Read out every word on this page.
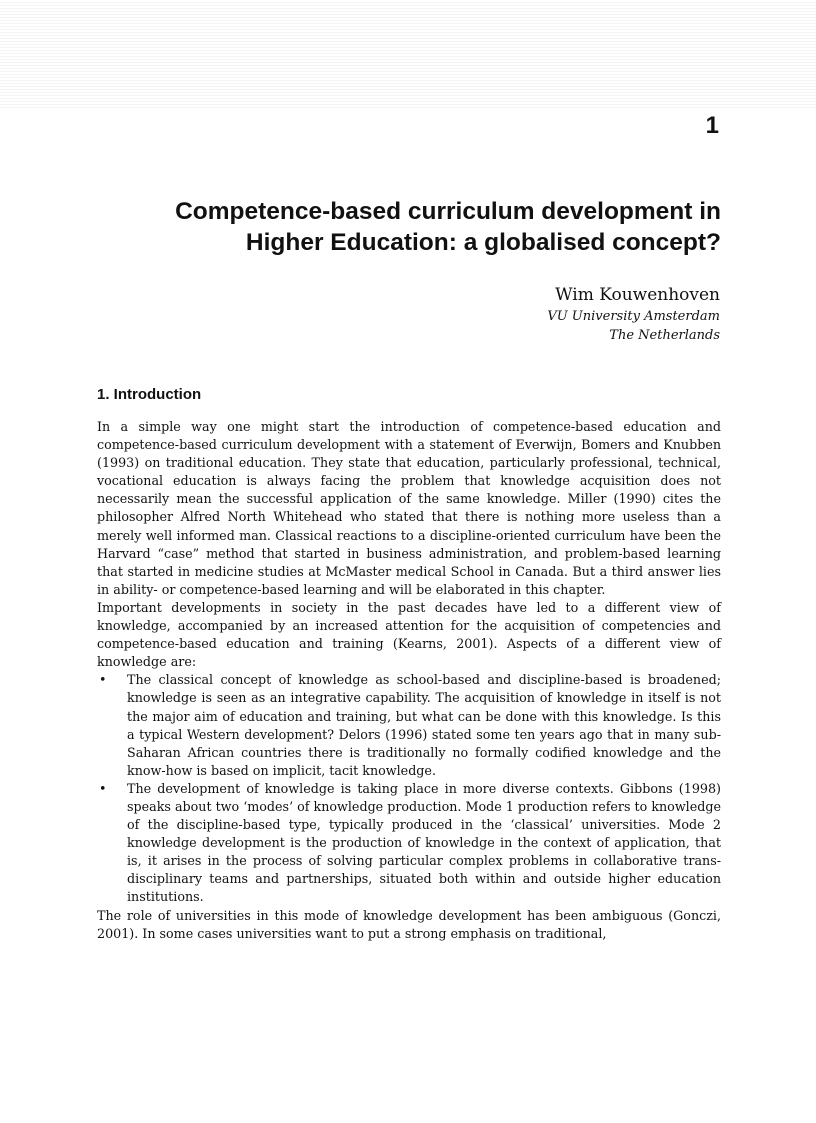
1
Competence-based curriculum development in
Higher Education: a globalised concept?
Wim Kouwenhoven
VU University Amsterdam
The Netherlands
1. Introduction

In a simple way one might start the introduction of competence-based education and competence-based curriculum development with a statement of Everwijn, Bomers and Knubben (1993) on traditional education. They state that education, particularly professional, technical, vocational education is always facing the problem that knowledge acquisition does not necessarily mean the successful application of the same knowledge. Miller (1990) cites the philosopher Alfred North Whitehead who stated that there is nothing more useless than a merely well informed man. Classical reactions to a discipline-oriented curriculum have been the Harvard “case” method that started in business administration, and problem-based learning that started in medicine studies at McMaster medical School in Canada. But a third answer lies in ability- or competence-based learning and will be elaborated in this chapter.

Important developments in society in the past decades have led to a different view of knowledge, accompanied by an increased attention for the acquisition of competencies and competence-based education and training (Kearns, 2001). Aspects of a different view of knowledge are:

• The classical concept of knowledge as school-based and discipline-based is broadened; knowledge is seen as an integrative capability. The acquisition of knowledge in itself is not the major aim of education and training, but what can be done with this knowledge. Is this a typical Western development? Delors (1996) stated some ten years ago that in many sub- Saharan African countries there is traditionally no formally codified knowledge and the know-how is based on implicit, tacit knowledge.
• The development of knowledge is taking place in more diverse contexts. Gibbons (1998) speaks about two ‘modes’ of knowledge production. Mode 1 production refers to knowledge of the discipline-based type, typically produced in the ‘classical’ universities. Mode 2 knowledge development is the production of knowledge in the context of application, that is, it arises in the process of solving particular complex problems in collaborative trans-disciplinary teams and partnerships, situated both within and outside higher education institutions.

The role of universities in this mode of knowledge development has been ambiguous (Gonczi, 2001). In some cases universities want to put a strong emphasis on traditional,
